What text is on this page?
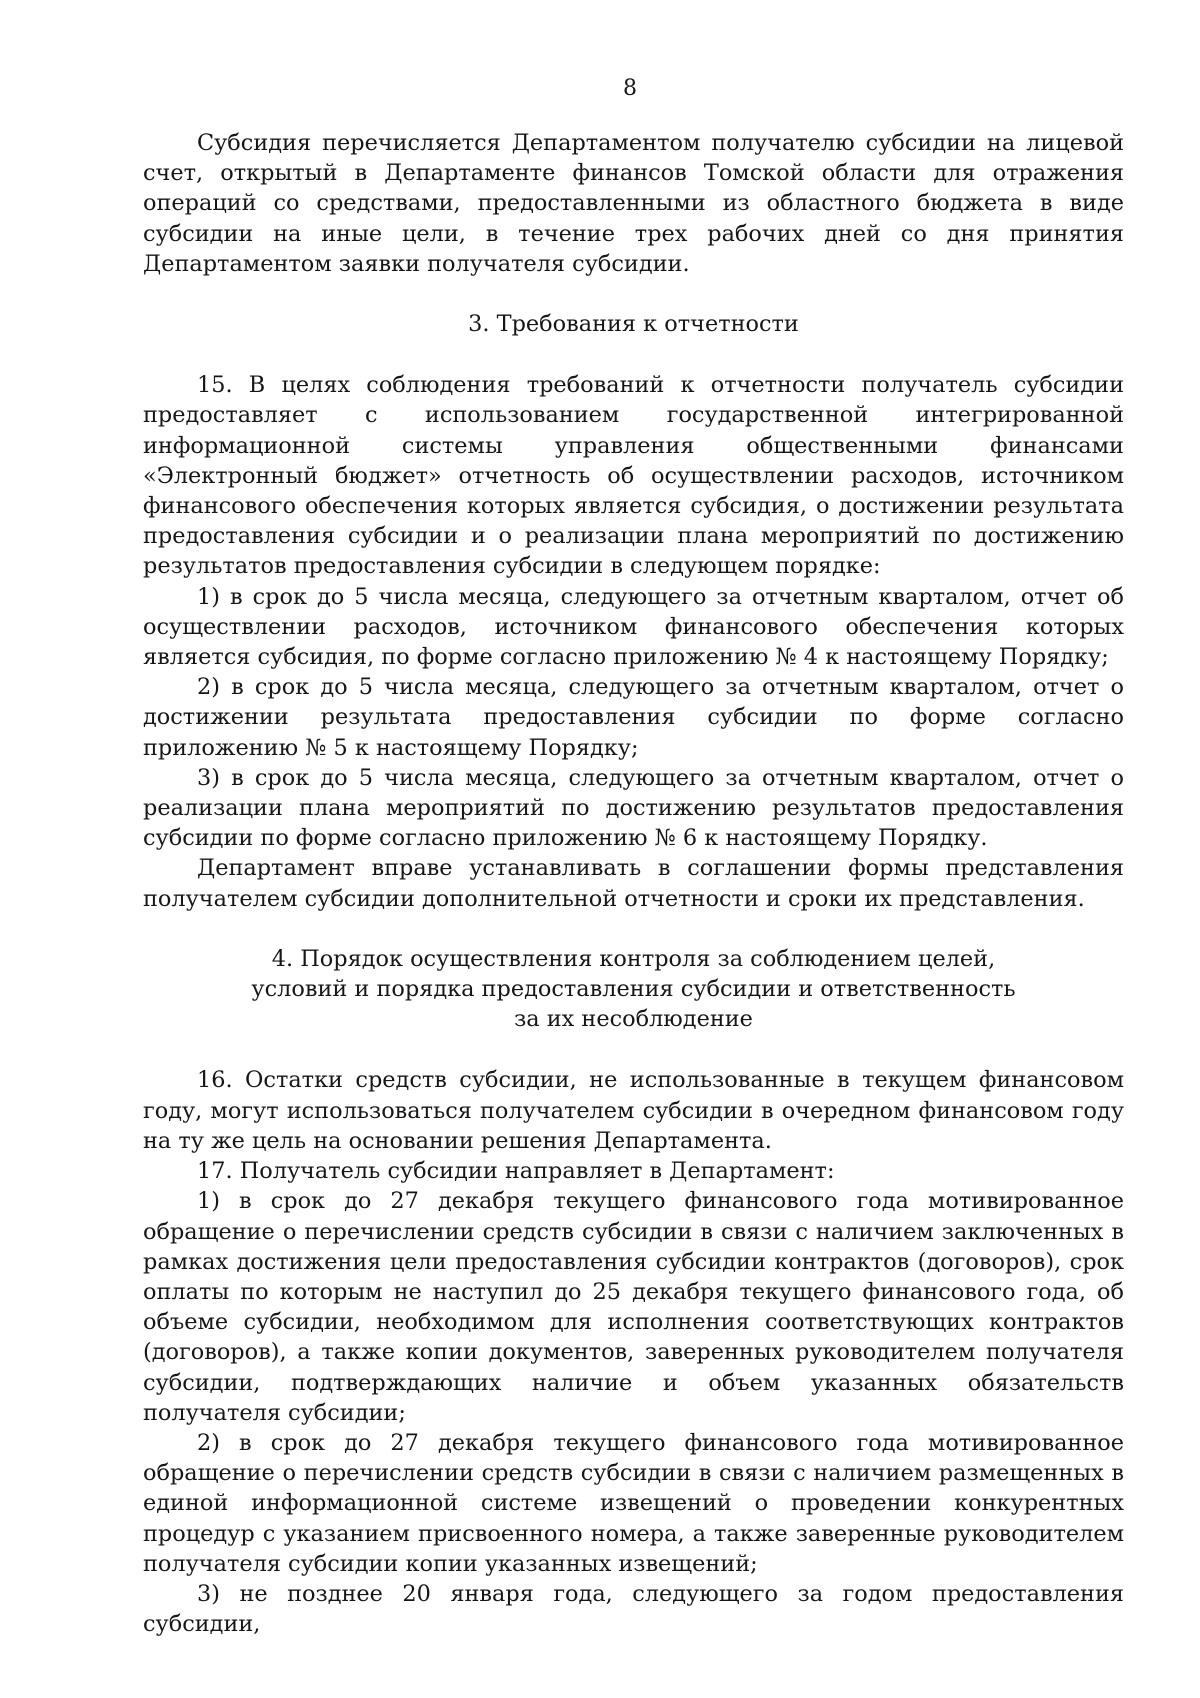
8

Субсидия перечисляется Департаментом получателю субсидии на лицевой счет, открытый в Департаменте финансов Томской области для отражения операций со средствами, предоставленными из областного бюджета в виде субсидии на иные цели, в течение трех рабочих дней со дня принятия Департаментом заявки получателя субсидии.

3. Требования к отчетности

15. В целях соблюдения требований к отчетности получатель субсидии предоставляет с использованием государственной интегрированной информационной системы управления общественными финансами «Электронный бюджет» отчетность об осуществлении расходов, источником финансового обеспечения которых является субсидия, о достижении результата предоставления субсидии и о реализации плана мероприятий по достижению результатов предоставления субсидии в следующем порядке:

1) в срок до 5 числа месяца, следующего за отчетным кварталом, отчет об осуществлении расходов, источником финансового обеспечения которых является субсидия, по форме согласно приложению № 4 к настоящему Порядку;

2) в срок до 5 числа месяца, следующего за отчетным кварталом, отчет о достижении результата предоставления субсидии по форме согласно приложению № 5 к настоящему Порядку;

3) в срок до 5 числа месяца, следующего за отчетным кварталом, отчет о реализации плана мероприятий по достижению результатов предоставления субсидии по форме согласно приложению № 6 к настоящему Порядку.

Департамент вправе устанавливать в соглашении формы представления получателем субсидии дополнительной отчетности и сроки их представления.

4. Порядок осуществления контроля за соблюдением целей,
условий и порядка предоставления субсидии и ответственность
за их несоблюдение

16. Остатки средств субсидии, не использованные в текущем финансовом году, могут использоваться получателем субсидии в очередном финансовом году на ту же цель на основании решения Департамента.

17. Получатель субсидии направляет в Департамент:

1) в срок до 27 декабря текущего финансового года мотивированное обращение о перечислении средств субсидии в связи с наличием заключенных в рамках достижения цели предоставления субсидии контрактов (договоров), срок оплаты по которым не наступил до 25 декабря текущего финансового года, об объеме субсидии, необходимом для исполнения соответствующих контрактов (договоров), а также копии документов, заверенных руководителем получателя субсидии, подтверждающих наличие и объем указанных обязательств получателя субсидии;

2) в срок до 27 декабря текущего финансового года мотивированное обращение о перечислении средств субсидии в связи с наличием размещенных в единой информационной системе извещений о проведении конкурентных процедур с указанием присвоенного номера, а также заверенные руководителем получателя субсидии копии указанных извещений;

3) не позднее 20 января года, следующего за годом предоставления субсидии,
